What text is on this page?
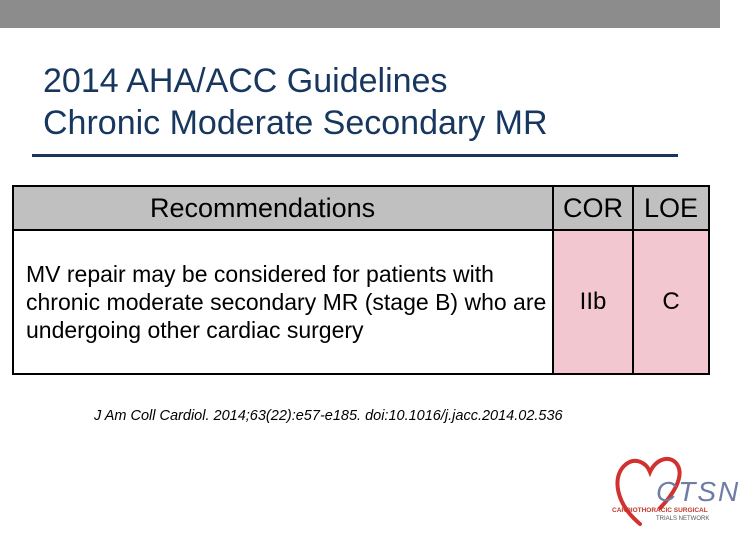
2014 AHA/ACC Guidelines
Chronic Moderate Secondary MR
Recommendations	COR	LOE
MV repair may be considered for patients with chronic moderate secondary MR (stage B) who are undergoing other cardiac surgery	IIb	C
J Am Coll Cardiol. 2014;63(22):e57-e185. doi:10.1016/j.jacc.2014.02.536
CTSN
CARDIOTHORACIC SURGICAL
TRIALS NETWORK
